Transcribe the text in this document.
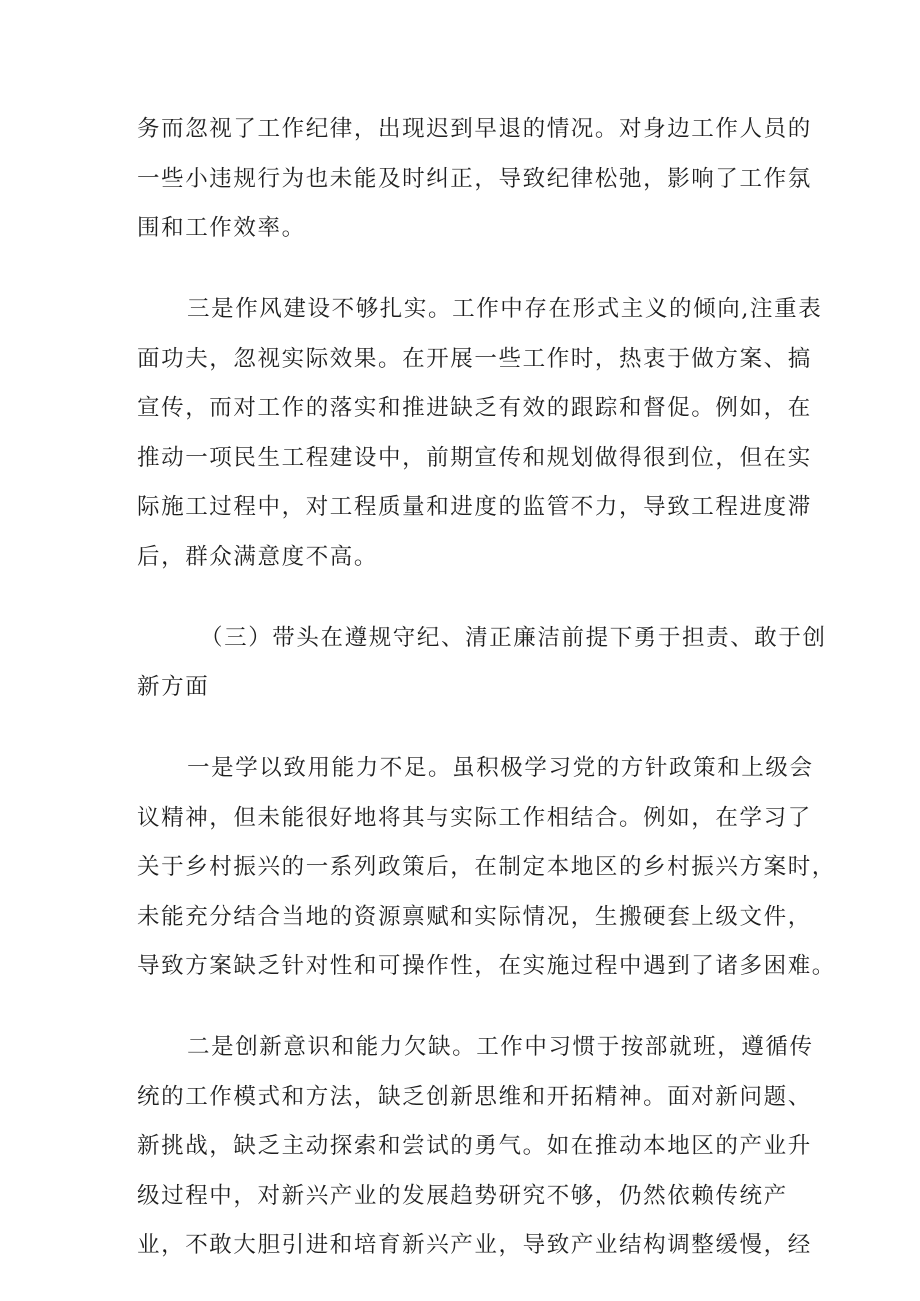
务而忽视了工作纪律，出现迟到早退的情况。对身边工作人员的
一些小违规行为也未能及时纠正，导致纪律松弛，影响了工作氛
围和工作效率。
三是作风建设不够扎实。工作中存在形式主义的倾向,注重表
面功夫，忽视实际效果。在开展一些工作时，热衷于做方案、搞
宣传，而对工作的落实和推进缺乏有效的跟踪和督促。例如，在
推动一项民生工程建设中，前期宣传和规划做得很到位，但在实
际施工过程中，对工程质量和进度的监管不力，导致工程进度滞
后，群众满意度不高。
（三）带头在遵规守纪、清正廉洁前提下勇于担责、敢于创
新方面
一是学以致用能力不足。虽积极学习党的方针政策和上级会
议精神，但未能很好地将其与实际工作相结合。例如，在学习了
关于乡村振兴的一系列政策后，在制定本地区的乡村振兴方案时，
未能充分结合当地的资源禀赋和实际情况，生搬硬套上级文件，
导致方案缺乏针对性和可操作性，在实施过程中遇到了诸多困难。
二是创新意识和能力欠缺。工作中习惯于按部就班，遵循传
统的工作模式和方法，缺乏创新思维和开拓精神。面对新问题、
新挑战，缺乏主动探索和尝试的勇气。如在推动本地区的产业升
级过程中，对新兴产业的发展趋势研究不够，仍然依赖传统产
业，不敢大胆引进和培育新兴产业，导致产业结构调整缓慢，经
